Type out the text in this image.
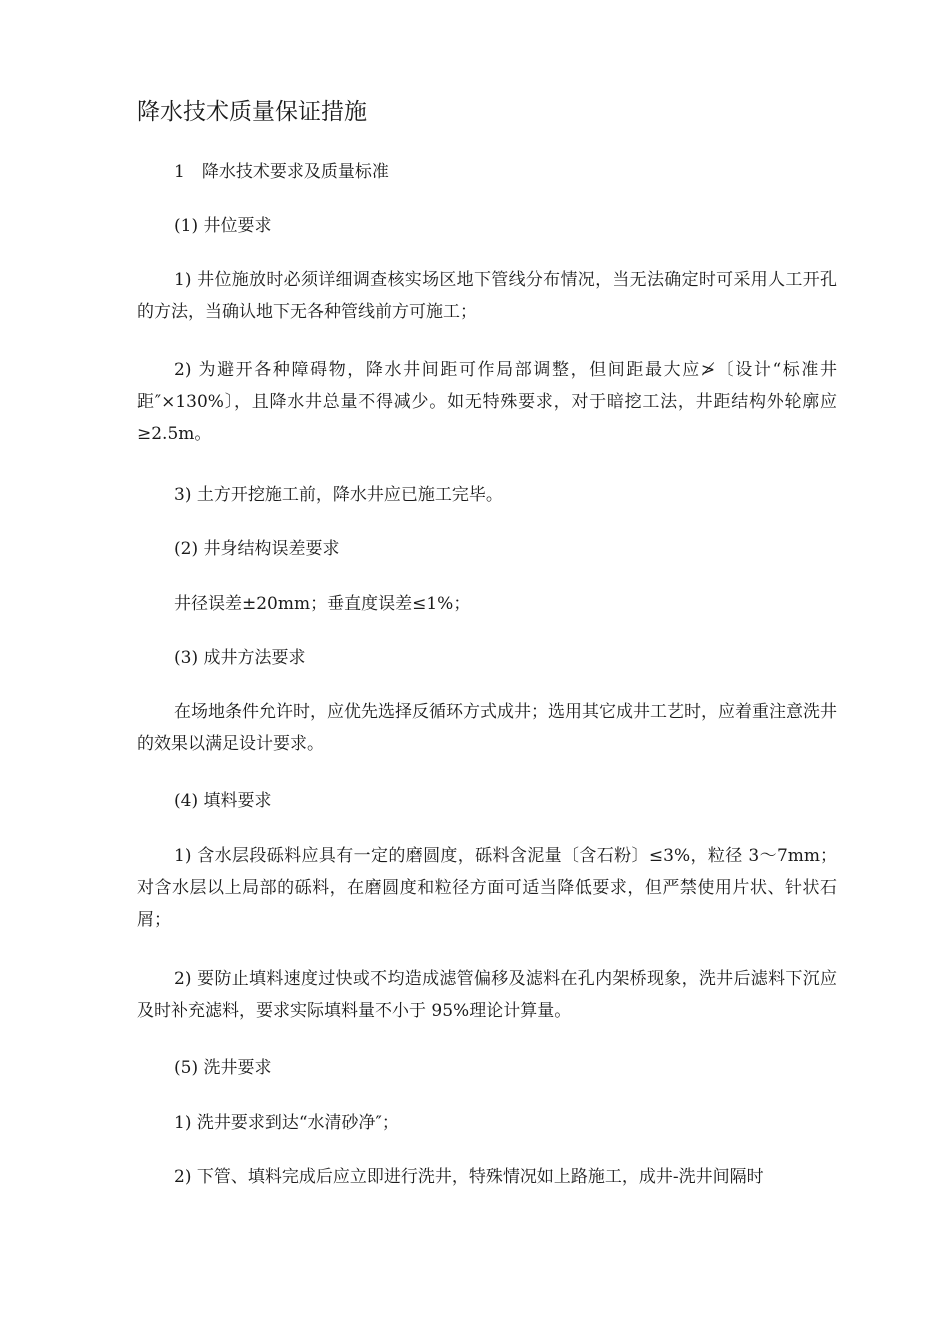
降水技术质量保证措施

1　降水技术要求及质量标准

(1) 井位要求

1) 井位施放时必须详细调查核实场区地下管线分布情况，当无法确定时可采用人工开孔的方法，当确认地下无各种管线前方可施工；

2) 为避开各种障碍物，降水井间距可作局部调整，但间距最大应≯〔设计“标准井距″×130%〕，且降水井总量不得减少。如无特殊要求，对于暗挖工法，井距结构外轮廓应≥2.5m。

3) 土方开挖施工前，降水井应已施工完毕。

(2) 井身结构误差要求

井径误差±20mm；垂直度误差≤1%；

(3) 成井方法要求

在场地条件允许时，应优先选择反循环方式成井；选用其它成井工艺时，应着重注意洗井的效果以满足设计要求。

(4) 填料要求

1) 含水层段砾料应具有一定的磨圆度，砾料含泥量〔含石粉〕≤3%，粒径 3～7mm；对含水层以上局部的砾料，在磨圆度和粒径方面可适当降低要求，但严禁使用片状、针状石屑；

2) 要防止填料速度过快或不均造成滤管偏移及滤料在孔内架桥现象，洗井后滤料下沉应及时补充滤料，要求实际填料量不小于 95%理论计算量。

(5) 洗井要求

1) 洗井要求到达“水清砂净″；

2) 下管、填料完成后应立即进行洗井，特殊情况如上路施工，成井-洗井间隔时
